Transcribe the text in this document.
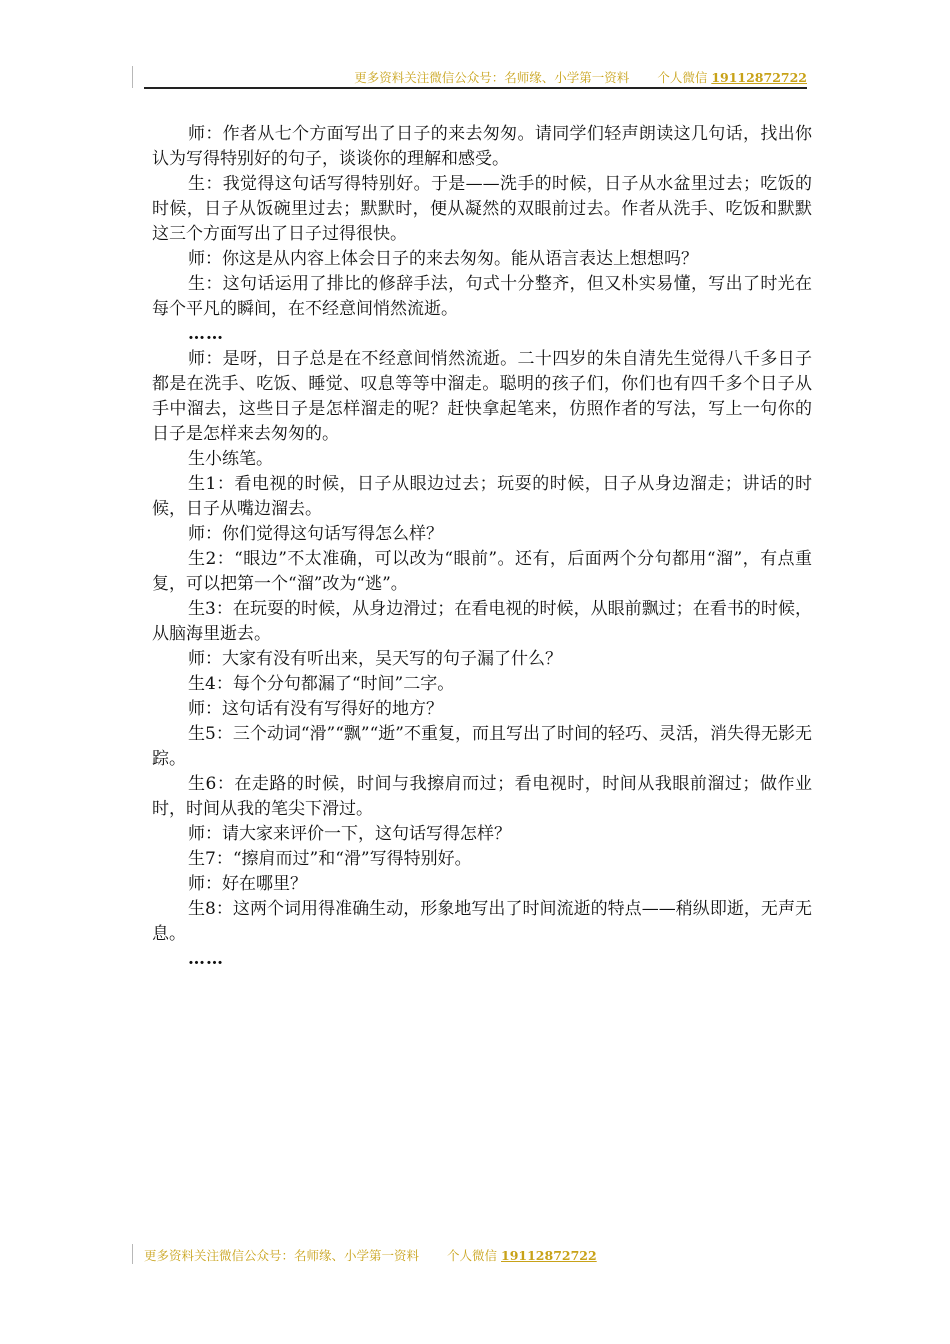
更多资料关注微信公众号：名师缘、小学第一资料 个人微信 19112872722

师：作者从七个方面写出了日子的来去匆匆。请同学们轻声朗读这几句话，找出你认为写得特别好的句子，谈谈你的理解和感受。

生：我觉得这句话写得特别好。于是——洗手的时候，日子从水盆里过去；吃饭的时候，日子从饭碗里过去；默默时，便从凝然的双眼前过去。作者从洗手、吃饭和默默这三个方面写出了日子过得很快。

师：你这是从内容上体会日子的来去匆匆。能从语言表达上想想吗？

生：这句话运用了排比的修辞手法，句式十分整齐，但又朴实易懂，写出了时光在每个平凡的瞬间，在不经意间悄然流逝。

……

师：是呀，日子总是在不经意间悄然流逝。二十四岁的朱自清先生觉得八千多日子都是在洗手、吃饭、睡觉、叹息等等中溜走。聪明的孩子们，你们也有四千多个日子从手中溜去，这些日子是怎样溜走的呢？赶快拿起笔来，仿照作者的写法，写上一句你的日子是怎样来去匆匆的。

生小练笔。

生1：看电视的时候，日子从眼边过去；玩耍的时候，日子从身边溜走；讲话的时候，日子从嘴边溜去。

师：你们觉得这句话写得怎么样？

生2：“眼边”不太准确，可以改为“眼前”。还有，后面两个分句都用“溜”，有点重复，可以把第一个“溜”改为“逃”。

生3：在玩耍的时候，从身边滑过；在看电视的时候，从眼前飘过；在看书的时候，从脑海里逝去。

师：大家有没有听出来，吴天写的句子漏了什么？

生4：每个分句都漏了“时间”二字。

师：这句话有没有写得好的地方？

生5：三个动词“滑”“飘”“逝”不重复，而且写出了时间的轻巧、灵活，消失得无影无踪。

生6：在走路的时候，时间与我擦肩而过；看电视时，时间从我眼前溜过；做作业时，时间从我的笔尖下滑过。

师：请大家来评价一下，这句话写得怎样？

生7：“擦肩而过”和“滑”写得特别好。

师：好在哪里？

生8：这两个词用得准确生动，形象地写出了时间流逝的特点——稍纵即逝，无声无息。

……

更多资料关注微信公众号：名师缘、小学第一资料 个人微信 19112872722
